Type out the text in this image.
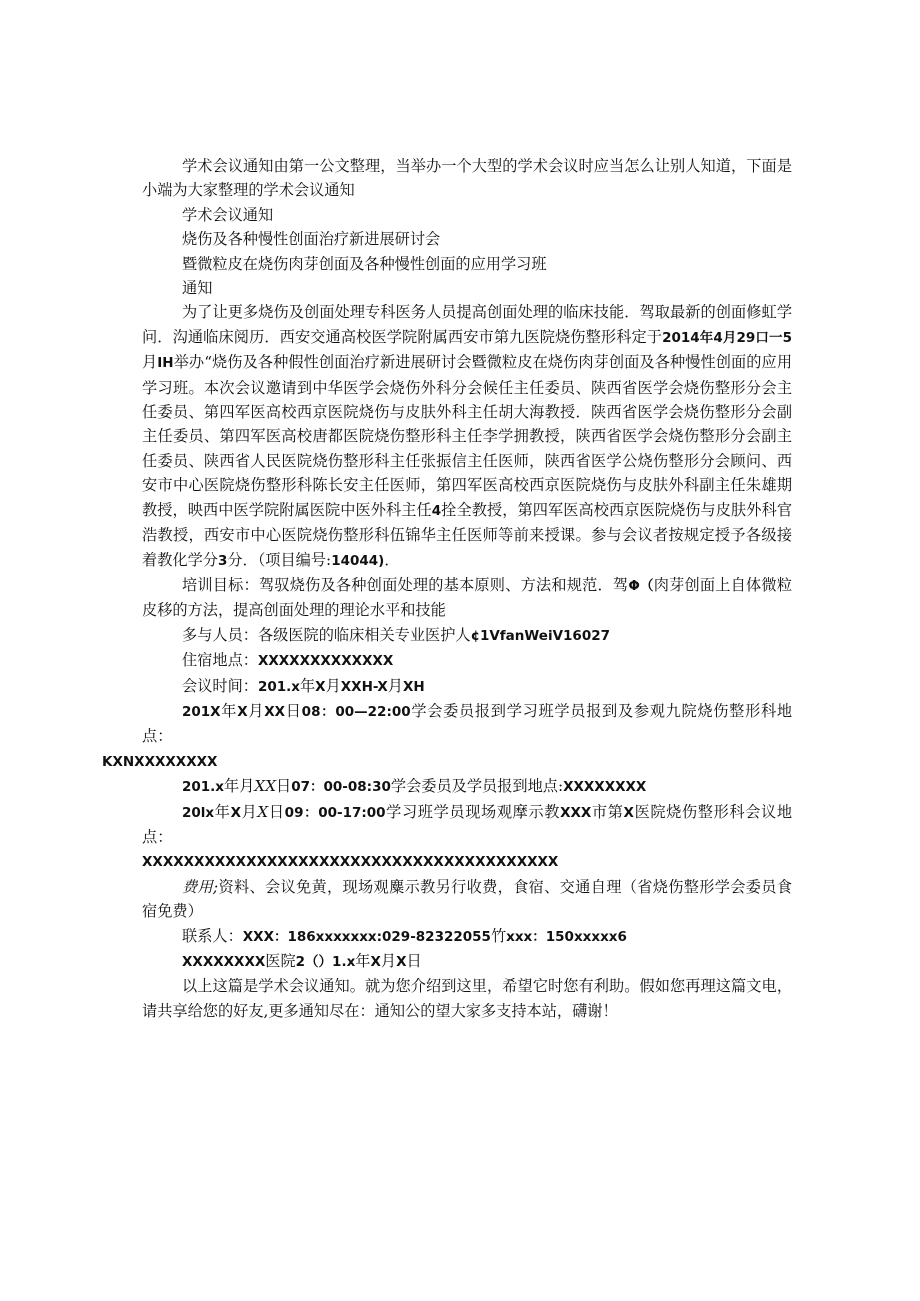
学术会议通知由第一公文整理，当举办一个大型的学术会议时应当怎么让别人知道，下面是小端为大家整理的学术会议通知

学术会议通知

烧伤及各种慢性创面治疗新进展研讨会

暨微粒皮在烧伤肉芽创面及各种慢性创面的应用学习班

通知

为了让更多烧伤及创面处理专科医务人员提高创面处理的临床技能．驾取最新的创面修虹学问．沟通临床阅历．西安交通高校医学院附属西安市第九医院烧伤整形科定于2014年4月29口一5月IH举办“烧伤及各种假性创面治疗新进展研讨会暨微粒皮在烧伤肉芽创面及各种慢性创面的应用学习班。本次会议邀请到中华医学会烧伤外科分会候任主任委员、陕西省医学会烧伤整形分会主任委员、第四军医高校西京医院烧伤与皮肤外科主任胡大海教授．陕西省医学会烧伤整形分会副主任委员、第四军医高校唐都医院烧伤整形科主任李学拥教授，陕西省医学会烧伤整形分会副主任委员、陕西省人民医院烧伤整形科主任张振信主任医师，陕西省医学公烧伤整形分会顾问、西安市中心医院烧伤整形科陈长安主任医师，第四军医高校西京医院烧伤与皮肤外科副主任朱雄期教授，映西中医学院附属医院中医外科主任4拴全教授，第四军医高校西京医院烧伤与皮肤外科官浩教授，西安市中心医院烧伤整形科伍锦华主任医师等前来授课。参与会议者按规定授予各级接着教化学分3分．（项目编号:14044)．

培训目标：驾驭烧伤及各种创面处理的基本原则、方法和规范．驾Φ（肉芽创面上自体微粒皮移的方法，提高创面处理的理论水平和技能

多与人员：各级医院的临床相关专业医护人¢1VfanWeiV16027

住宿地点：XXXXXXXXXXXXX

会议时间：201.x年X月XXH-X月XH

201X年X月XX日08：00—22:00学会委员报到学习班学员报到及参观九院烧伤整形科地点：
KXNXXXXXXXX

201.x年月XX日07：00-08:30学会委员及学员报到地点:XXXXXXXX

20lx年X月X日09：00-17:00学习班学员现场观摩示教XXX市第X医院烧伤整形科会议地点：
XXXXXXXXXXXXXXXXXXXXXXXXXXXXXXXXXXXXXXXX

费用;资料、会议免黄，现场观麋示教另行收费，食宿、交通自理（省烧伤整形学会委员食宿免费）

联系人：XXX：186xxxxxxx:029-82322055竹xxx：150xxxxx6

XXXXXXXX医院2（）1.x年X月X日

以上这篇是学术会议通知。就为您介绍到这里，希望它时您有利助。假如您再理这篇文电，请共享给您的好友,更多通知尽在：通知公的望大家多支持本站，礴谢！
